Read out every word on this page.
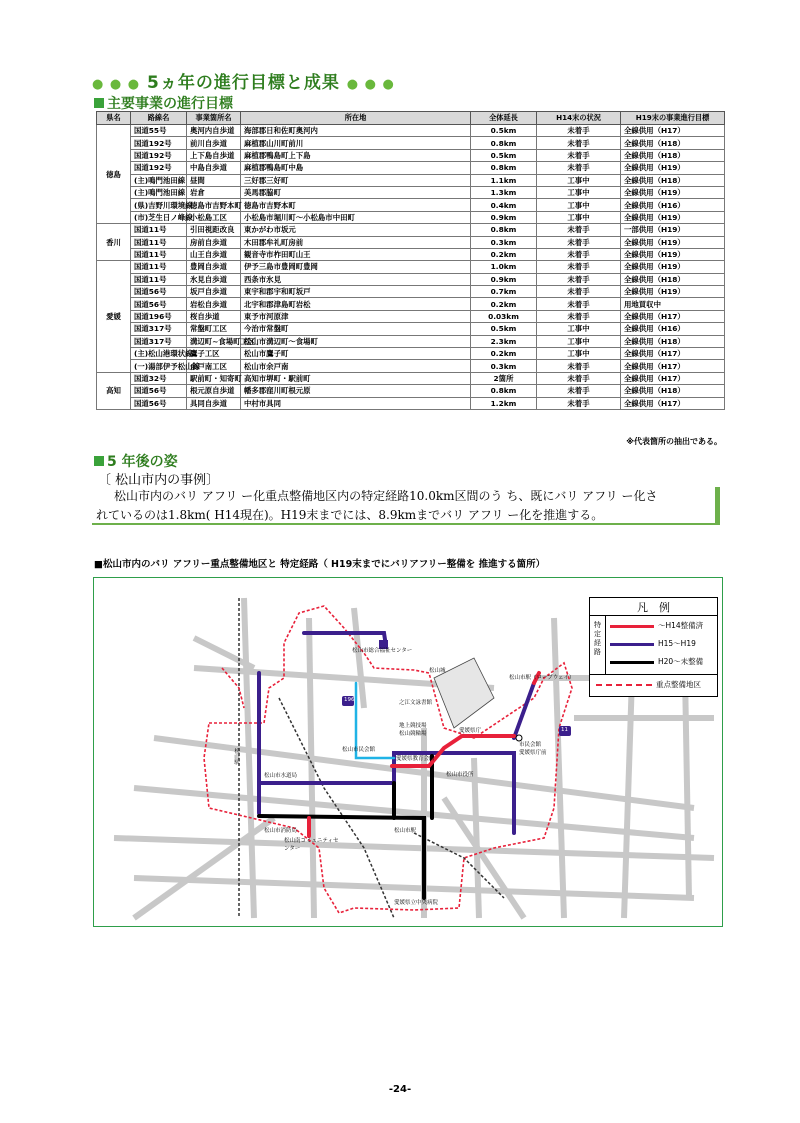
● ● ● 5ヵ年の進行目標と成果 ● ● ●
主要事業の進行目標
県名	路線名	事業箇所名	所在地	全体延長	H14末の状況	H19末の事業進行目標
徳島	国道55号	奥河内自歩道	海部郡日和佐町奥河内	0.5km	未着手	全線供用（H17）
	国道192号	前川自歩道	麻植郡山川町前川	0.8km	未着手	全線供用（H18）
	国道192号	上下島自歩道	麻植郡鴨島町上下島	0.5km	未着手	全線供用（H18）
	国道192号	中島自歩道	麻植郡鴨島町中島	0.8km	未着手	全線供用（H19）
	(主)鳴門池田線	昼間	三好郡三好町	1.1km	工事中	全線供用（H18）
	(主)鳴門池田線	岩倉	美馬郡脇町	1.3km	工事中	全線供用（H19）
	(県)吉野川環境線	徳島市吉野本町	徳島市吉野本町	0.4km	工事中	全線供用（H16）
	(市)芝生日ノ峰線	小松島工区	小松島市堀川町～小松島市中田町	0.9km	工事中	全線供用（H19）
香川	国道11号	引田視距改良	東かがわ市坂元	0.8km	未着手	一部供用（H19）
	国道11号	房前自歩道	木田郡牟礼町房前	0.3km	未着手	全線供用（H19）
	国道11号	山王自歩道	観音寺市柞田町山王	0.2km	未着手	全線供用（H19）
愛媛	国道11号	豊岡自歩道	伊予三島市豊岡町豊岡	1.0km	未着手	全線供用（H19）
	国道11号	氷見自歩道	西条市氷見	0.9km	未着手	全線供用（H18）
	国道56号	坂戸自歩道	東宇和郡宇和町坂戸	0.7km	未着手	全線供用（H19）
	国道56号	岩松自歩道	北宇和郡津島町岩松	0.2km	未着手	用地買収中
	国道196号	桜自歩道	東予市河原津	0.03km	未着手	全線供用（H17）
	国道317号	常盤町工区	今治市常盤町	0.5km	工事中	全線供用（H16）
	国道317号	溝辺町~食場町工区	松山市溝辺町～食場町	2.3km	工事中	全線供用（H18）
	(主)松山港環状線	鷹子工区	松山市鷹子町	0.2km	工事中	全線供用（H17）
	(一)湯部伊予松山線	余戸南工区	松山市余戸南	0.3km	未着手	全線供用（H17）
高知	国道32号	駅前町・知寄町	高知市堺町・駅前町	2箇所	未着手	全線供用（H17）
	国道56号	根元原自歩道	幡多郡窪川町根元原	0.8km	未着手	全線供用（H18）
	国道56号	具同自歩道	中村市具同	1.2km	未着手	全線供用（H17）
※代表箇所の抽出である。
5 年後の姿
〔 松山市内の事例〕
松山市内のバリ アフリ ー化重点整備地区内の特定経路10.0km区間のう ち、既にバリ アフリ ー化さ
れているのは1.8km( H14現在)。H19末までには、8.9kmまでバリ アフリ ー化を推進する。
■松山市内のバリ アフリー重点整備地区と 特定経路（ H19末までにバリアフリー整備を 推進する箇所）
松山市総合福祉センター
松山城
松山市駅（ロープウェイ）
196	之江文詠書館
松山市水道局
地上競技場
松山競輪場
松山市民会館
愛媛県庁
愛媛県教育会館
松山市役所
松山駅
松山市消防局	松山市駅
松山南コミュニティセンター
愛媛県立中央病院
11
市民会館
愛媛県庁前
凡　例
特定経路
～H14整備済
H15～H19
H20～未整備
重点整備地区
-24-
